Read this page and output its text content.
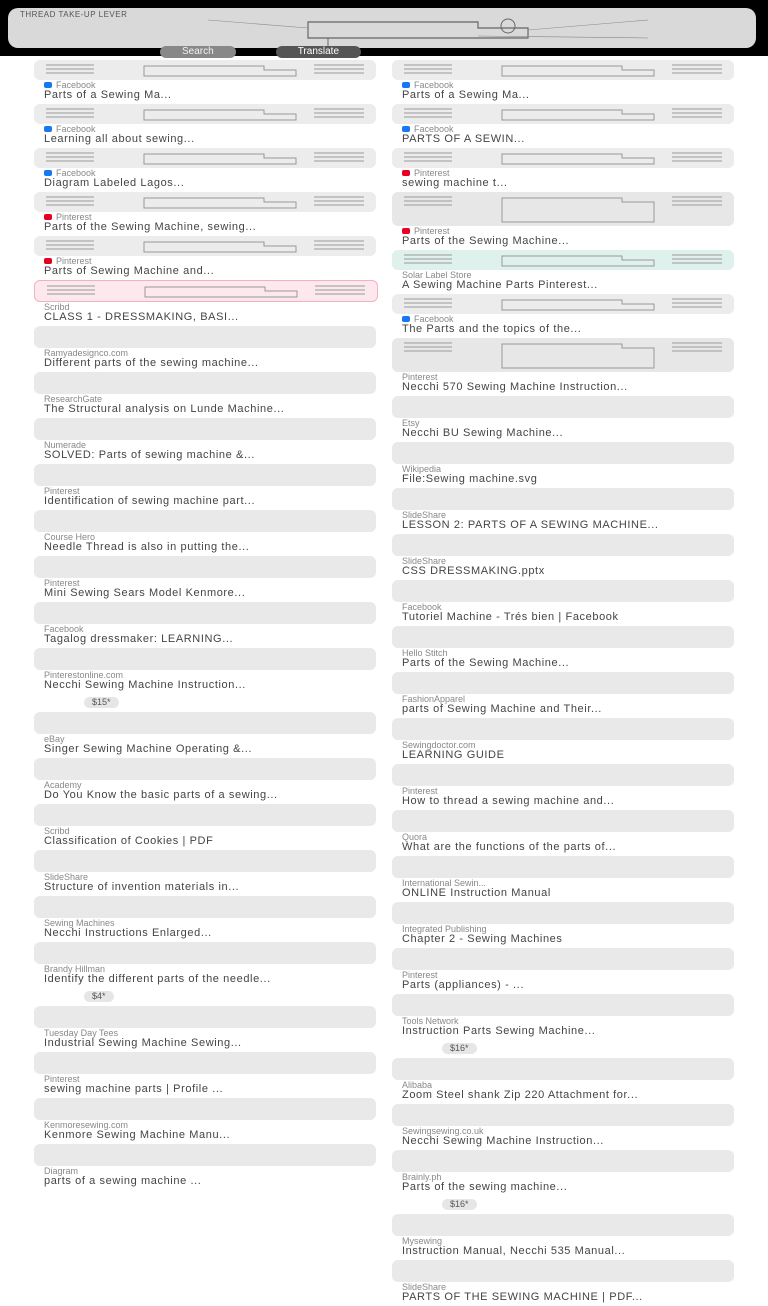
THREAD TAKE-UP LEVER
Search	Translate
Facebook
Parts of a Sewing Ma...
Facebook
Learning all about sewing...
Facebook
Diagram Labeled Lagos...
Pinterest
Parts of the Sewing Machine, sewing...
Pinterest
Parts of Sewing Machine and...
Scribd
CLASS 1 - DRESSMAKING, BASI...
Ramyadesignco.com
Different parts of the sewing machine...
ResearchGate
The Structural analysis on Lunde Machine...
Numerade
SOLVED: Parts of sewing machine &...
Pinterest
Identification of sewing machine part...
Course Hero
Needle Thread is also in putting the...
Pinterest
Mini Sewing Sears Model Kenmore...
Facebook
Tagalog dressmaker: LEARNING...
Pinterestonline.com
Necchi Sewing Machine Instruction...
$15*
eBay
Singer Sewing Machine Operating &...
Academy
Do You Know the basic parts of a sewing...
Scribd
Classification of Cookies | PDF
SlideShare
Structure of invention materials in...
Sewing Machines
Necchi Instructions Enlarged...
Brandy Hillman
Identify the different parts of the needle...
$4*
Tuesday Day Tees
Industrial Sewing Machine Sewing...
Pinterest
sewing machine parts | Profile ...
Kenmoresewing.com
Kenmore Sewing Machine Manu...
Diagram
parts of a sewing machine ...
Facebook
Parts of a Sewing Ma...
Facebook
PARTS OF A SEWIN...
Pinterest
sewing machine t...
Pinterest
Parts of the Sewing Machine...
Solar Label Store
A Sewing Machine Parts Pinterest...
Facebook
The Parts and the topics of the...
Pinterest
Necchi 570 Sewing Machine Instruction...
Etsy
Necchi BU Sewing Machine...
Wikipedia
File:Sewing machine.svg
SlideShare
LESSON 2: PARTS OF A SEWING MACHINE...
SlideShare
CSS DRESSMAKING.pptx
Facebook
Tutoriel Machine - Trés bien | Facebook
Hello Stitch
Parts of the Sewing Machine...
FashionApparel
parts of Sewing Machine and Their...
Sewingdoctor.com
LEARNING GUIDE
Pinterest
How to thread a sewing machine and...
Quora
What are the functions of the parts of...
International Sewin...
ONLINE Instruction Manual
Integrated Publishing
Chapter 2 - Sewing Machines
Pinterest
Parts (appliances) - ...
Tools Network
Instruction Parts Sewing Machine...
$16*
Alibaba
Zoom Steel shank Zip 220 Attachment for...
Sewingsewing.co.uk
Necchi Sewing Machine Instruction...
Brainly.ph
Parts of the sewing machine...
$16*
Mysewing
Instruction Manual, Necchi 535 Manual...
SlideShare
PARTS OF THE SEWING MACHINE | PDF...
